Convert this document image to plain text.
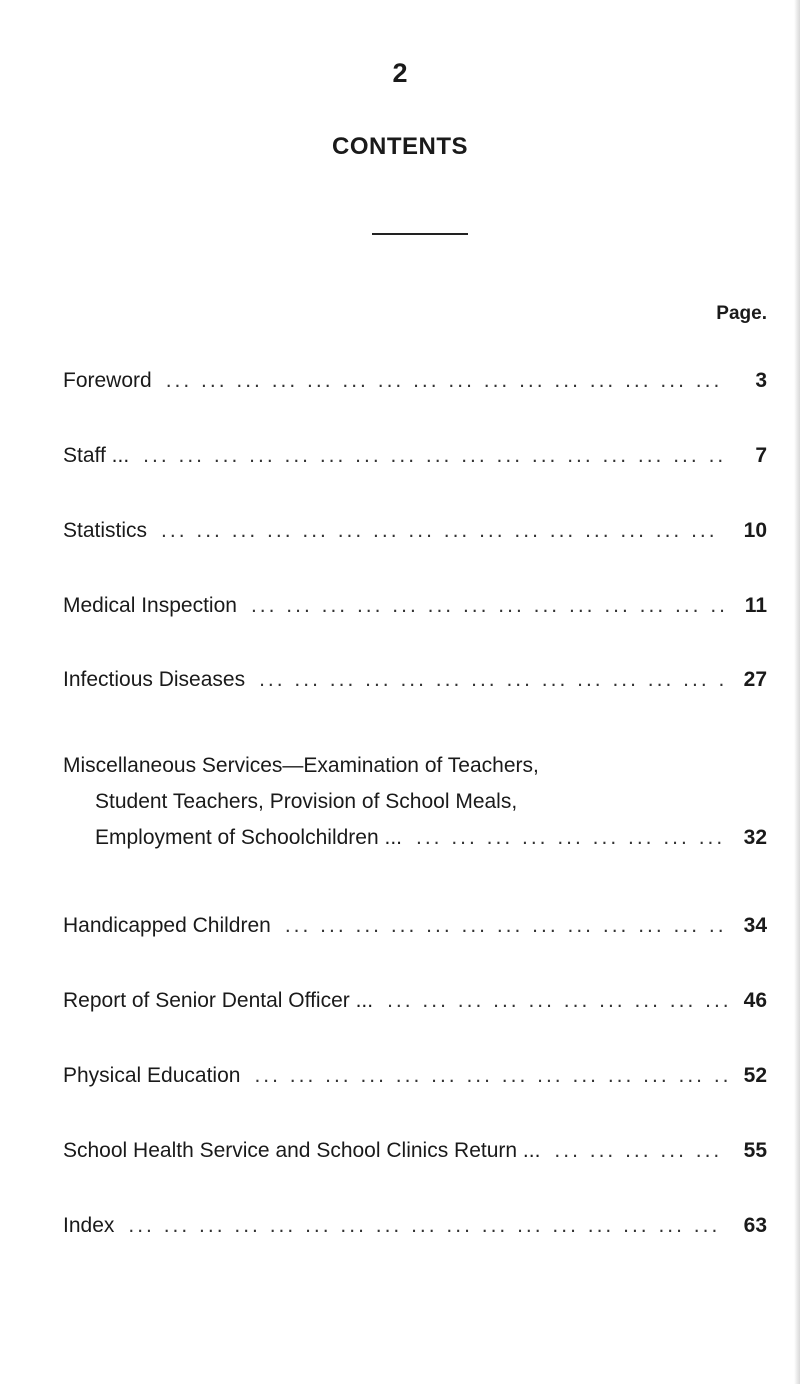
2
CONTENTS
Page.
Foreword ... .	3
Staff ... ... .	7
Statistics ... .	10
Medical Inspection ... .	11
Infectious Diseases ... .	27
Miscellaneous Services—Examination of Teachers,
Student Teachers, Provision of School Meals,
Employment of Schoolchildren ... ... .	32
Handicapped Children ... .	34
Report of Senior Dental Officer ... ... .	46
Physical Education ... .	52
School Health Service and School Clinics Return ... ... .	55
Index ... .	63
